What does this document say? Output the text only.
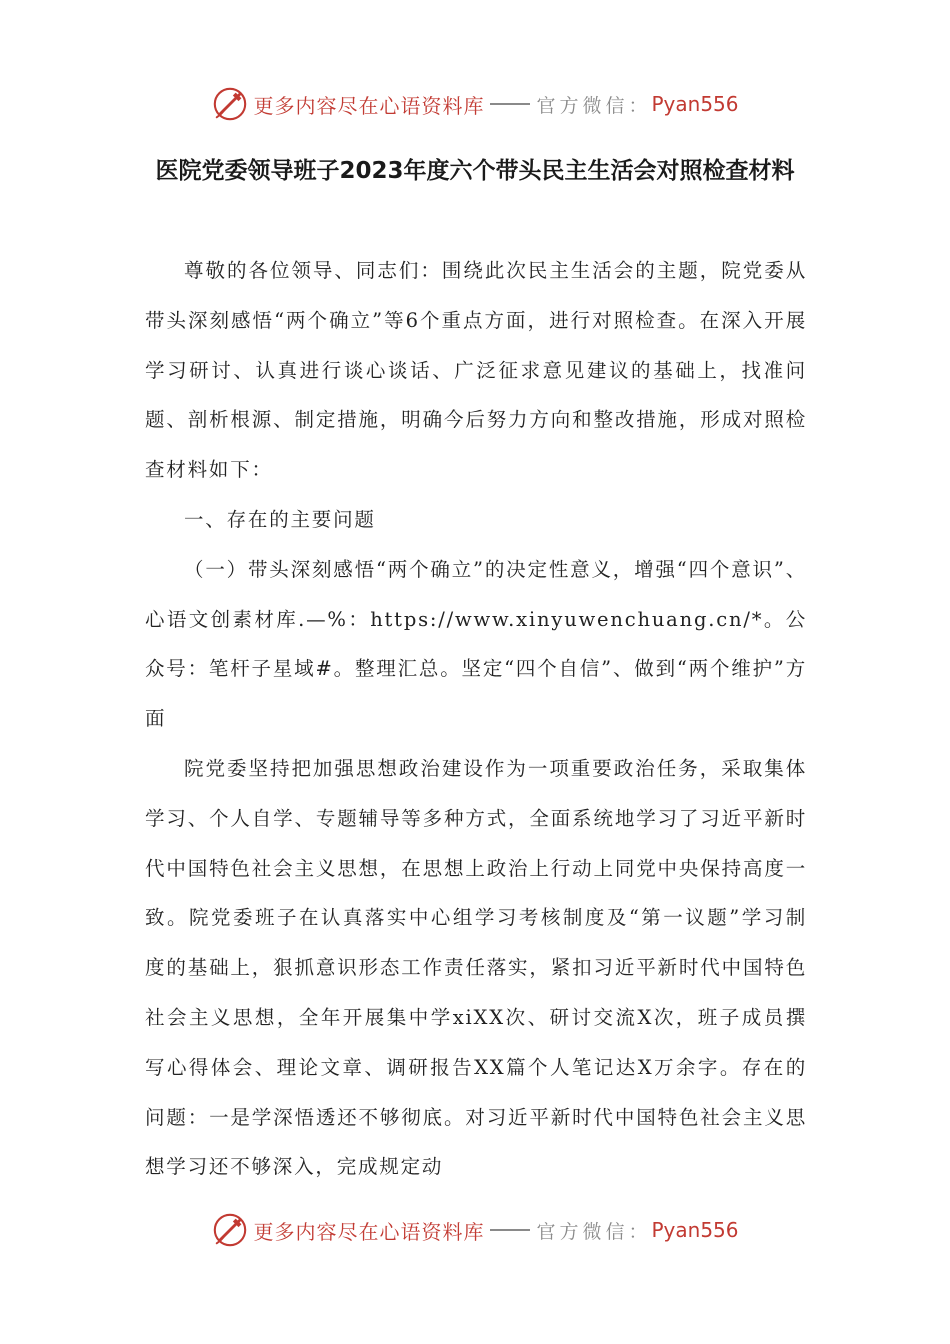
更多内容尽在心语资料库	官方微信： Pyan556
医院党委领导班子2023年度六个带头民主生活会对照检查材料

尊敬的各位领导、同志们：围绕此次民主生活会的主题，院党委从带头深刻感悟“两个确立”等6个重点方面，进行对照检查。在深入开展学习研讨、认真进行谈心谈话、广泛征求意见建议的基础上，找准问题、剖析根源、制定措施，明确今后努力方向和整改措施，形成对照检查材料如下：

一、存在的主要问题

（一）带头深刻感悟“两个确立”的决定性意义，增强“四个意识”、心语文创素材库.—%：https://www.xinyuwenchuang.cn/*。公众号：笔杆子星域#。整理汇总。坚定“四个自信”、做到“两个维护”方面

院党委坚持把加强思想政治建设作为一项重要政治任务，采取集体学习、个人自学、专题辅导等多种方式，全面系统地学习了习近平新时代中国特色社会主义思想，在思想上政治上行动上同党中央保持高度一致。院党委班子在认真落实中心组学习考核制度及“第一议题”学习制度的基础上，狠抓意识形态工作责任落实，紧扣习近平新时代中国特色社会主义思想，全年开展集中学xiXX次、研讨交流X次，班子成员撰写心得体会、理论文章、调研报告XX篇个人笔记达X万余字。存在的问题：一是学深悟透还不够彻底。对习近平新时代中国特色社会主义思想学习还不够深入，完成规定动

更多内容尽在心语资料库	官方微信： Pyan556
